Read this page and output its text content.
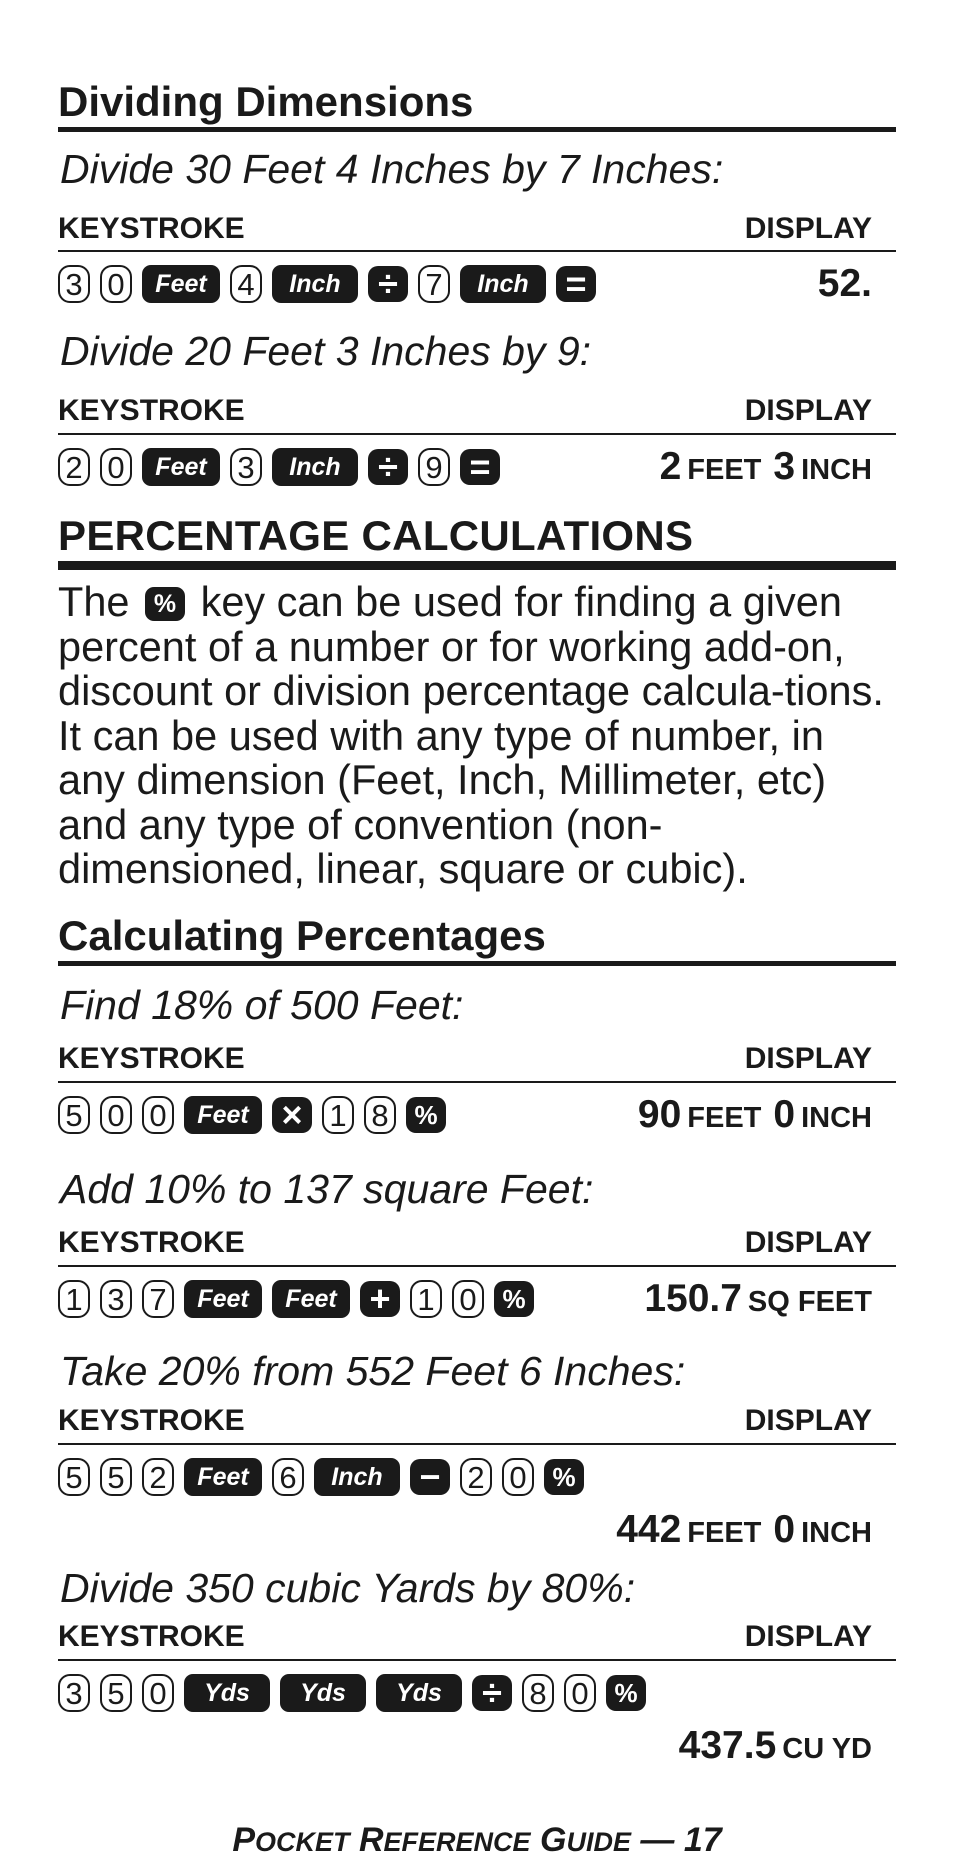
Dividing Dimensions
Divide 30 Feet 4 Inches by 7 Inches:
KEYSTROKE	DISPLAY
3 0	Feet 4	Inch	÷ 7	Inch	=	52.
Divide 20 Feet 3 Inches by 9:
KEYSTROKE	DISPLAY
2 0	Feet 3	Inch	÷ 9 =	2 FEET 3 INCH
PERCENTAGE CALCULATIONS
The % key can be used for finding a given percent of a number or for working add-on, discount or division percentage calcula-tions. It can be used with any type of number, in any dimension (Feet, Inch, Millimeter, etc) and any type of convention (non-dimensioned, linear, square or cubic).
Calculating Percentages
Find 18% of 500 Feet:
KEYSTROKE	DISPLAY
5 0 0	Feet × 1 8 %	90 FEET 0 INCH
Add 10% to 137 square Feet:
KEYSTROKE	DISPLAY
1 3 7	Feet	Feet + 1 0 %	150.7 SQ FEET
Take 20% from 552 Feet 6 Inches:
KEYSTROKE	DISPLAY
5 5 2	Feet 6	Inch	− 2 0 %
442 FEET 0 INCH
Divide 350 cubic Yards by 80%:
KEYSTROKE	DISPLAY
3 5 0	Yds	Yds	Yds	÷ 8 0 %
437.5 CU YD
POCKET REFERENCE GUIDE — 17
